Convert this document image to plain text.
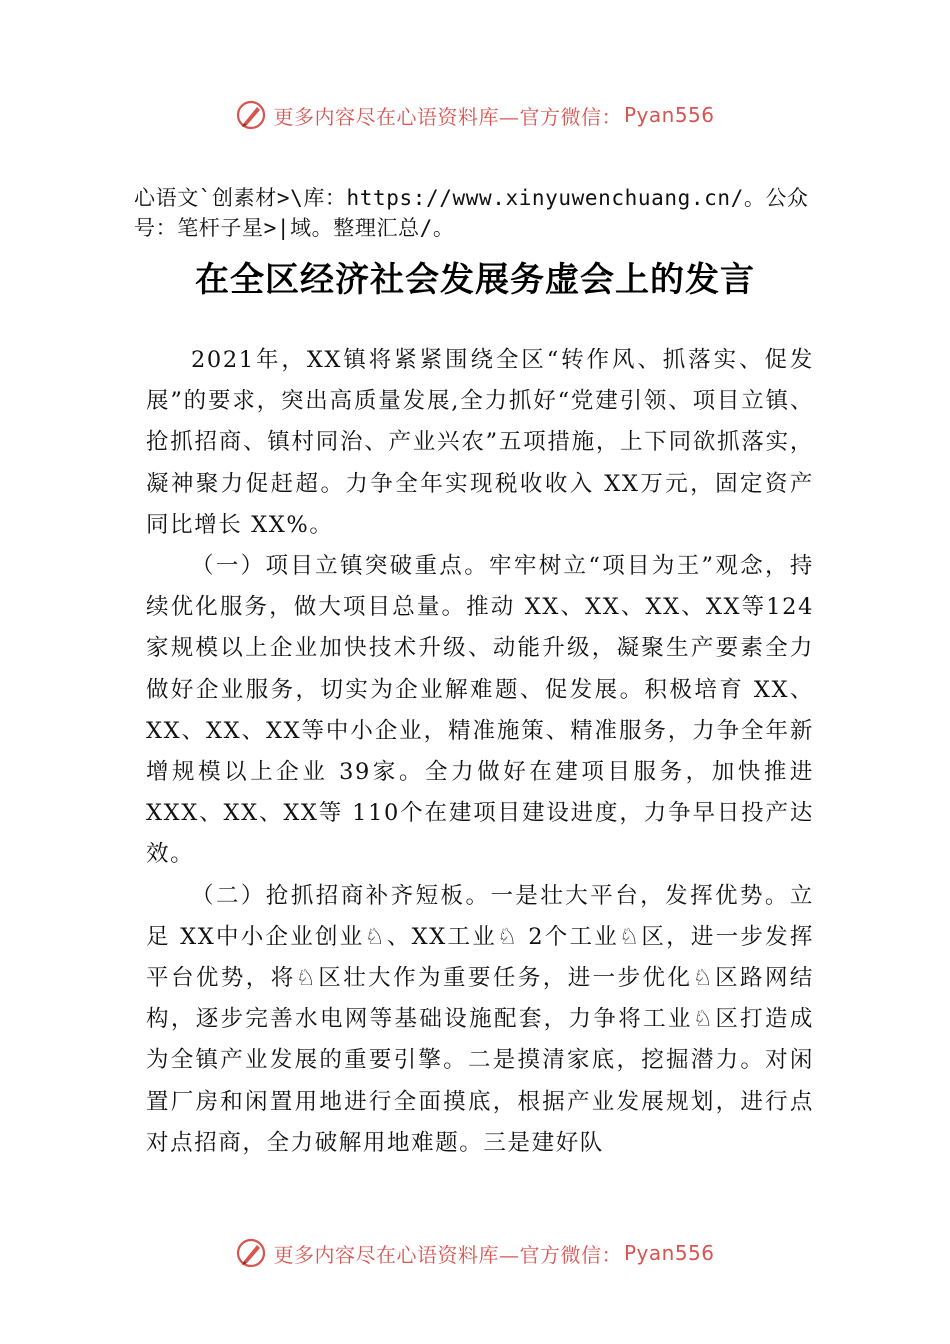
更多内容尽在心语资料库—官方微信： Pyan556
心语文`创素材>\库：https://www.xinyuwenchuang.cn/。公众号：笔杆子星>|域。整理汇总/。
在全区经济社会发展务虚会上的发言

2021年，XX镇将紧紧围绕全区“转作风、抓落实、促发展”的要求，突出高质量发展,全力抓好“党建引领、项目立镇、抢抓招商、镇村同治、产业兴农”五项措施，上下同欲抓落实，凝神聚力促赶超。力争全年实现税收收入 XX万元，固定资产同比增长 XX%。

（一）项目立镇突破重点。牢牢树立“项目为王”观念，持续优化服务，做大项目总量。推动 XX、XX、XX、XX等124 家规模以上企业加快技术升级、动能升级，凝聚生产要素全力做好企业服务，切实为企业解难题、促发展。积极培育 XX、XX、XX、XX等中小企业，精准施策、精准服务，力争全年新增规模以上企业 39家。全力做好在建项目服务，加快推进 XXX、XX、XX等 110个在建项目建设进度，力争早日投产达效。

（二）抢抓招商补齐短板。一是壮大平台，发挥优势。立足 XX中小企业创业♘、XX工业♘ 2个工业♘区，进一步发挥平台优势，将♘区壮大作为重要任务，进一步优化♘区路网结构，逐步完善水电网等基础设施配套，力争将工业♘区打造成为全镇产业发展的重要引擎。二是摸清家底，挖掘潜力。对闲置厂房和闲置用地进行全面摸底，根据产业发展规划，进行点对点招商，全力破解用地难题。三是建好队

更多内容尽在心语资料库—官方微信： Pyan556
